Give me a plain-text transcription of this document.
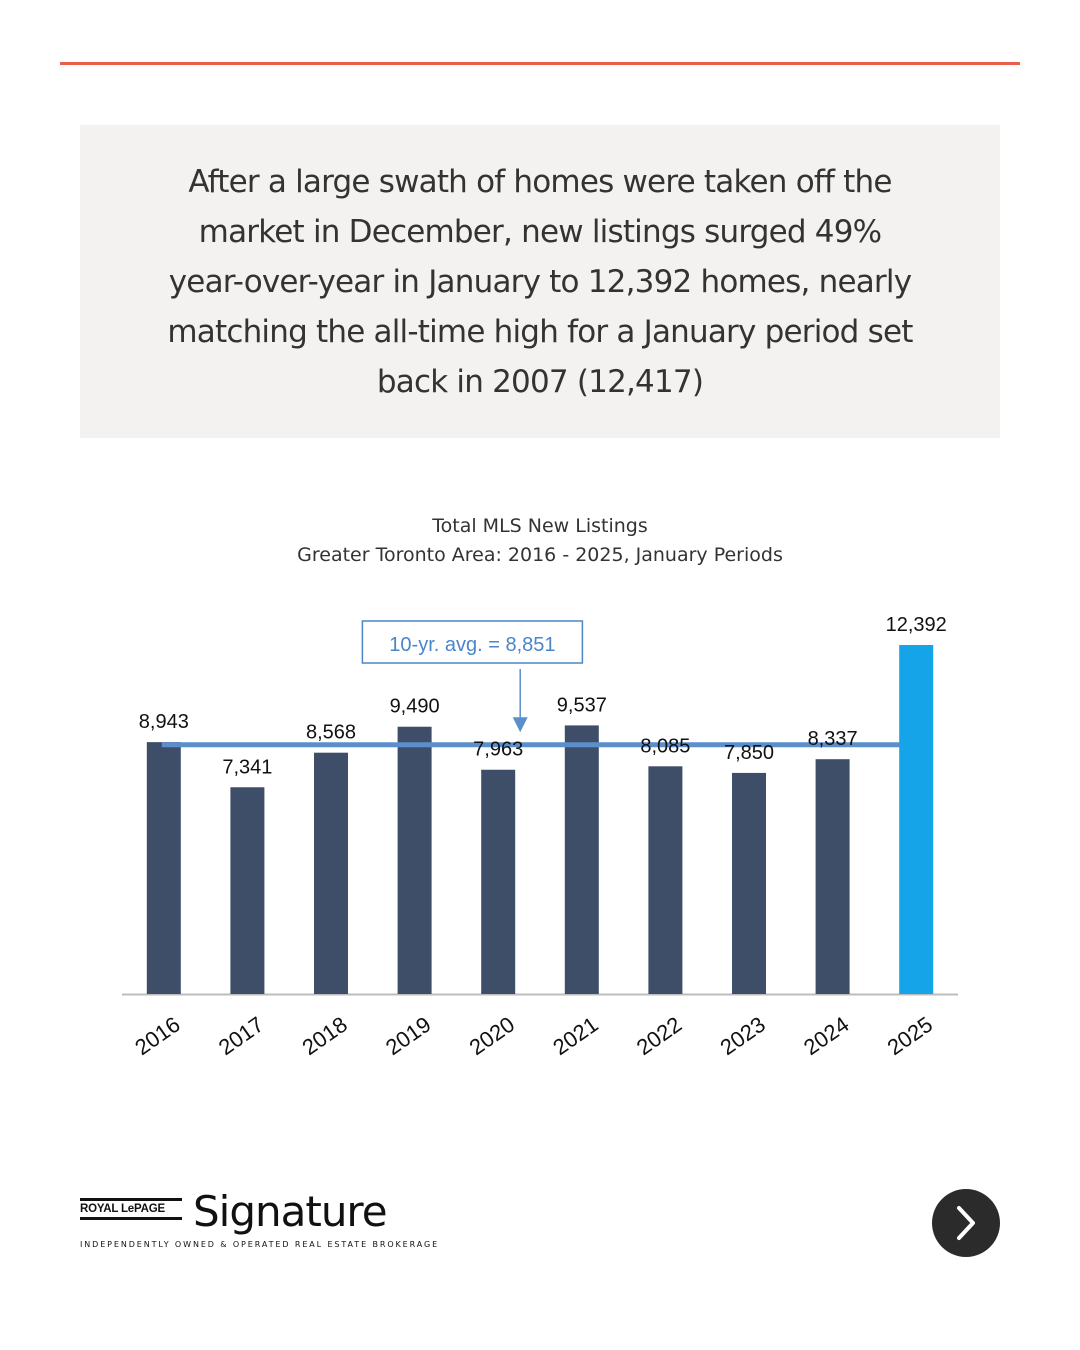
After a large swath of homes were taken off the market in December, new listings surged 49% year-over-year in January to 12,392 homes, nearly matching the all-time high for a January period set back in 2007 (12,417)

Total MLS New Listings
Greater Toronto Area: 2016 - 2025, January Periods
10-yr. avg. = 8,851
8,943
7,341
8,568
9,490
7,963
9,537
8,085 7,850
8,337
12,392
2016 2017 2018 2019 2020 2021 2022 2023 2024 2025
ROYAL LePAGE Signature
INDEPENDENTLY OWNED & OPERATED REAL ESTATE BROKERAGE
